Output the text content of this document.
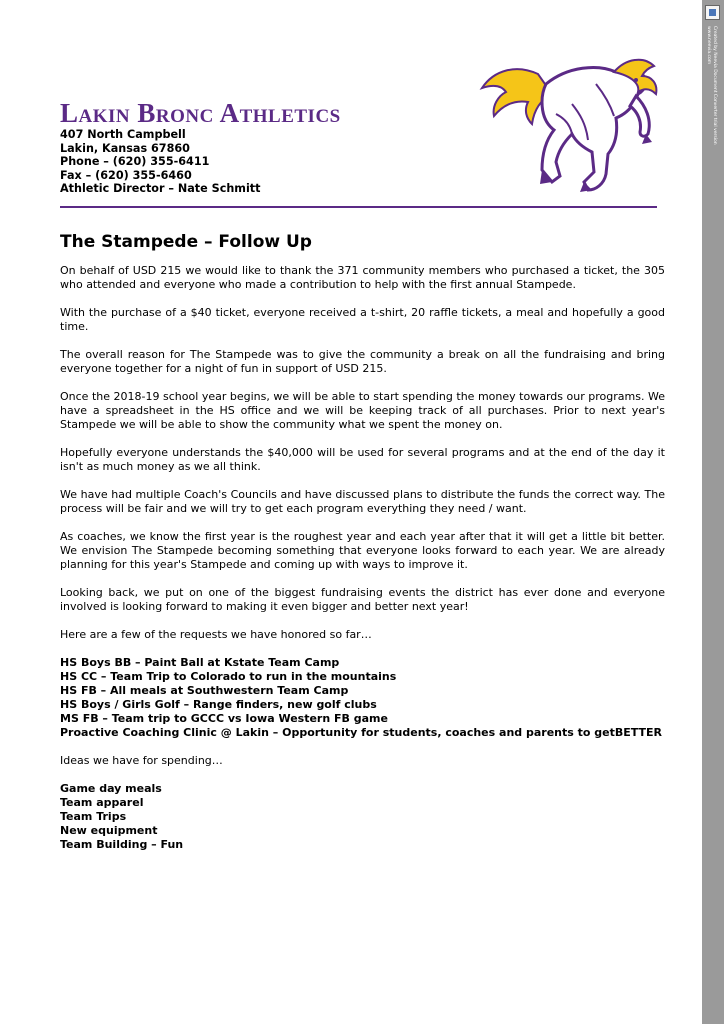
Lakin Bronc Athletics
407 North Campbell
Lakin, Kansas 67860
Phone – (620) 355-6411
Fax – (620) 355-6460
Athletic Director – Nate Schmitt
Created by Neevia Document Converter trial version
www.neevia.com
The Stampede – Follow Up

On behalf of USD 215 we would like to thank the 371 community members who purchased a ticket, the 305 who attended and everyone who made a contribution to help with the first annual Stampede.

With the purchase of a $40 ticket, everyone received a t-shirt, 20 raffle tickets, a meal and hopefully a good time.

The overall reason for The Stampede was to give the community a break on all the fundraising and bring everyone together for a night of fun in support of USD 215.

Once the 2018-19 school year begins, we will be able to start spending the money towards our programs. We have a spreadsheet in the HS office and we will be keeping track of all purchases. Prior to next year's Stampede we will be able to show the community what we spent the money on.

Hopefully everyone understands the $40,000 will be used for several programs and at the end of the day it isn't as much money as we all think.

We have had multiple Coach's Councils and have discussed plans to distribute the funds the correct way. The process will be fair and we will try to get each program everything they need / want.

As coaches, we know the first year is the roughest year and each year after that it will get a little bit better. We envision The Stampede becoming something that everyone looks forward to each year. We are already planning for this year's Stampede and coming up with ways to improve it.

Looking back, we put on one of the biggest fundraising events the district has ever done and everyone involved is looking forward to making it even bigger and better next year!

Here are a few of the requests we have honored so far…

HS Boys BB – Paint Ball at Kstate Team Camp
HS CC – Team Trip to Colorado to run in the mountains
HS FB – All meals at Southwestern Team Camp
HS Boys / Girls Golf – Range finders, new golf clubs
MS FB – Team trip to GCCC vs Iowa Western FB game
Proactive Coaching Clinic @ Lakin – Opportunity for students, coaches and parents to getBETTER

Ideas we have for spending…

Game day meals
Team apparel
Team Trips
New equipment
Team Building – Fun
